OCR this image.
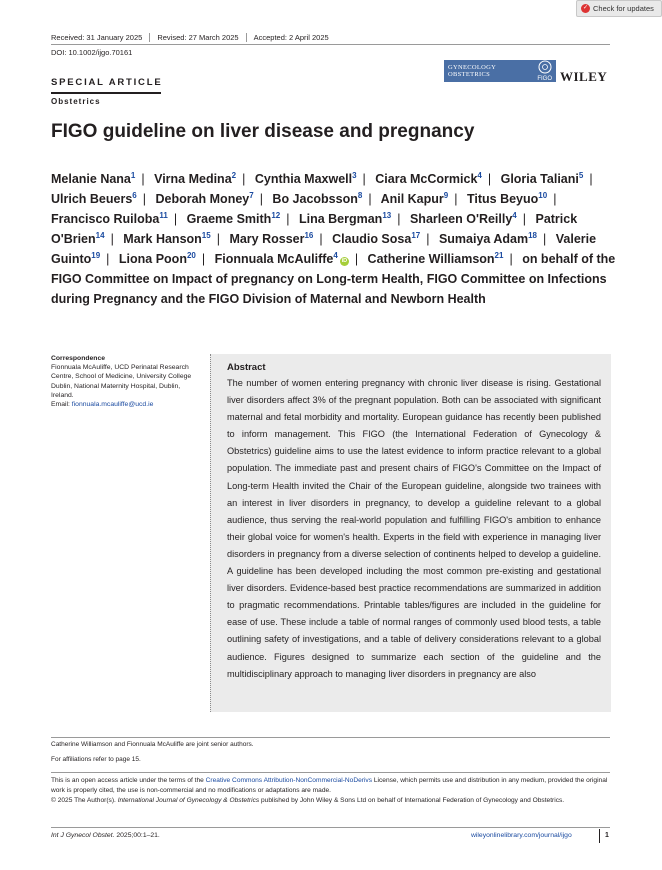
✓ Check for updates
Received: 31 January 2025	Revised: 27 March 2025	Accepted: 2 April 2025
DOI: 10.1002/ijgo.70161
SPECIAL ARTICLE
Obstetrics
GYNECOLOGY
OBSTETRICS
FIGO WILEY
FIGO guideline on liver disease and pregnancy
Melanie Nana$^1$ | Virna Medina$^2$ | Cynthia Maxwell$^3$ | Ciara McCormick$^4$ | Gloria Taliani$^5$ | Ulrich Beuers$^6$ | Deborah Money$^7$ | Bo Jacobsson$^8$ | Anil Kapur$^9$ | Titus Beyuo$^{10}$ | Francisco Ruiloba$^{11}$ | Graeme Smith$^{12}$ | Lina Bergman$^{13}$ | Sharleen O'Reilly$^4$ | Patrick O'Brien$^{14}$ | Mark Hanson$^{15}$ | Mary Rosser$^{16}$ | Claudio Sosa$^{17}$ | Sumaiya Adam$^{18}$ | Valerie Guinto$^{19}$ | Liona Poon$^{20}$ | Fionnuala McAuliffe$^4$iD | Catherine Williamson$^{21}$ | on behalf of the FIGO Committee on Impact of pregnancy on Long-term Health, FIGO Committee on Infections during Pregnancy and the FIGO Division of Maternal and Newborn Health
Correspondence
Fionnuala McAuliffe, UCD Perinatal Research Centre, School of Medicine, University College Dublin, National Maternity Hospital, Dublin, Ireland.
Email: fionnuala.mcauliffe@ucd.ie
Abstract
The number of women entering pregnancy with chronic liver disease is rising. Gestational liver disorders affect 3% of the pregnant population. Both can be associated with significant maternal and fetal morbidity and mortality. European guidance has recently been published to inform management. This FIGO (the International Federation of Gynecology & Obstetrics) guideline aims to use the latest evidence to inform practice relevant to a global population. The immediate past and present chairs of FIGO's Committee on the Impact of Long-term Health invited the Chair of the European guideline, alongside two trainees with an interest in liver disorders in pregnancy, to develop a guideline relevant to a global audience, thus serving the real-world population and fulfilling FIGO's ambition to enhance their global voice for women's health. Experts in the field with experience in managing liver disorders in pregnancy from a diverse selection of continents helped to develop a guideline. A guideline has been developed including the most common pre-existing and gestational liver disorders. Evidence-based best practice recommendations are summarized in addition to pragmatic recommendations. Printable tables/figures are included in the guideline for ease of use. These include a table of normal ranges of commonly used blood tests, a table outlining safety of investigations, and a table of delivery considerations relevant to a global audience. Figures designed to summarize each section of the guideline and the multidisciplinary approach to managing liver disorders in pregnancy are also
Catherine Williamson and Fionnuala McAuliffe are joint senior authors.
For affiliations refer to page 15.
This is an open access article under the terms of the Creative Commons Attribution-NonCommercial-NoDerivs License, which permits use and distribution in any medium, provided the original work is properly cited, the use is non-commercial and no modifications or adaptations are made.
© 2025 The Author(s). International Journal of Gynecology & Obstetrics published by John Wiley & Sons Ltd on behalf of International Federation of Gynecology and Obstetrics.
Int J Gynecol Obstet. 2025;00:1–21.	wileyonlinelibrary.com/journal/ijgo	1
